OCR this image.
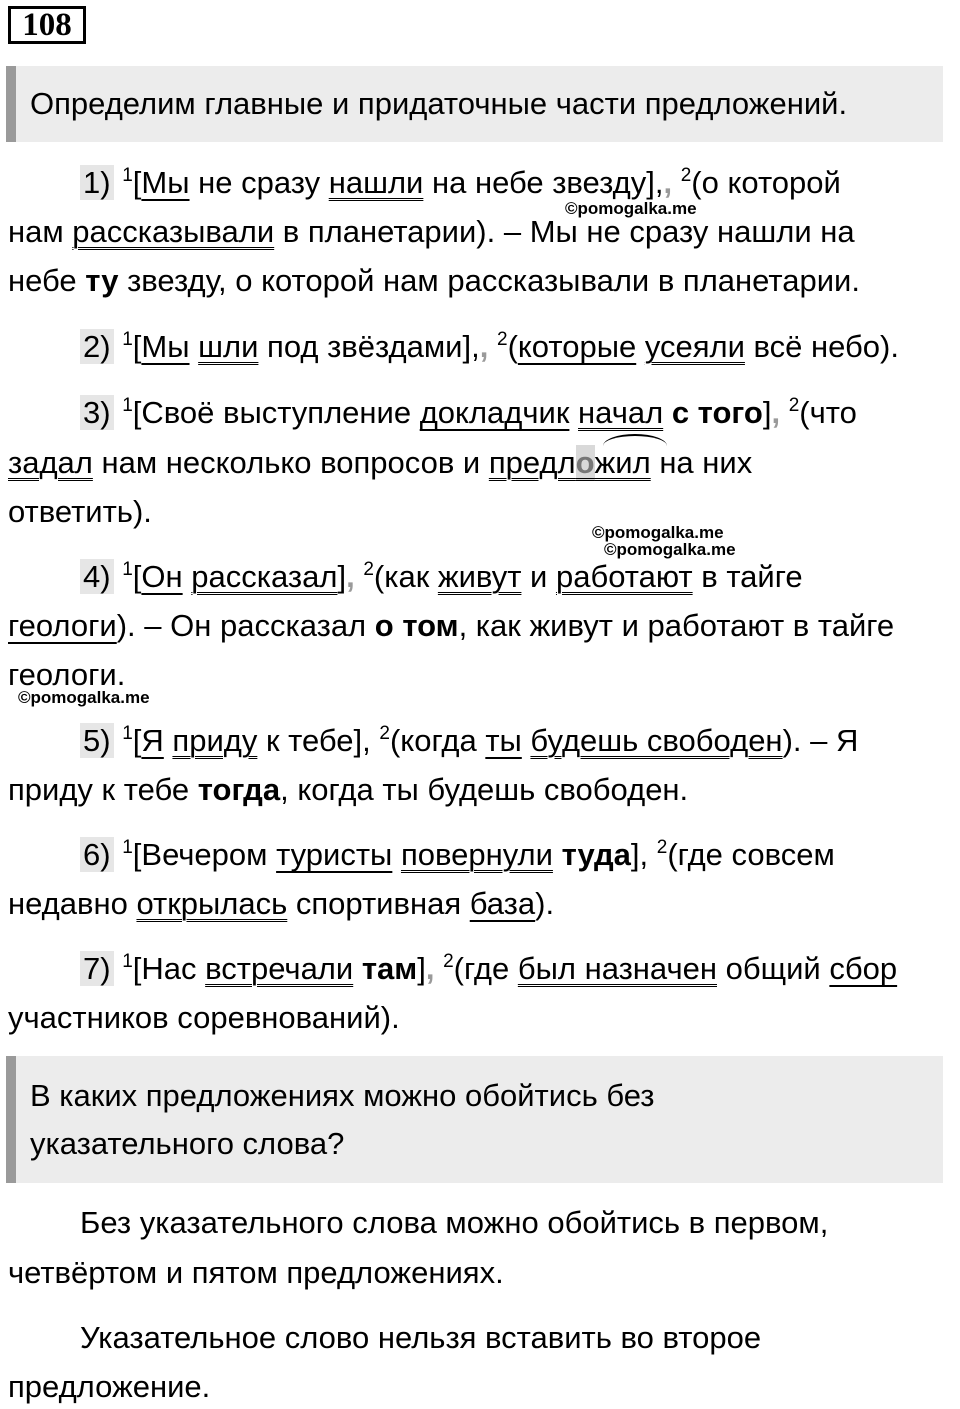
108
Определим главные и придаточные части предложений.
1) $^1$[Мы не сразу нашли на небе звезду],, $^2$(о которой
нам рассказывали в планетарии). – Мы не сразу нашли на
небе ту звезду, о которой нам рассказывали в планетарии.
2) $^1$[Мы шли под звёздами],, $^2$(которые усеяли всё небо).
3) $^1$[Своё выступление докладчик начал с того], $^2$(что
задал нам несколько вопросов и предложил на них
ответить).
4) $^1$[Он рассказал], $^2$(как живут и работают в тайге
геологи). – Он рассказал о том, как живут и работают в тайге
геологи.
5) $^1$[Я приду к тебе], $^2$(когда ты будешь свободен). – Я
приду к тебе тогда, когда ты будешь свободен.
6) $^1$[Вечером туристы повернули туда], $^2$(где совсем
недавно открылась спортивная база).
7) $^1$[Нас встречали там], $^2$(где был назначен общий сбор
участников соревнований).
В каких предложениях можно обойтись без
указательного слова?
Без указательного слова можно обойтись в первом,
четвёртом и пятом предложениях.
Указательное слово нельзя вставить во второе
предложение.
©pomogalka.me
©pomogalka.me
©pomogalka.me
©pomogalka.me
